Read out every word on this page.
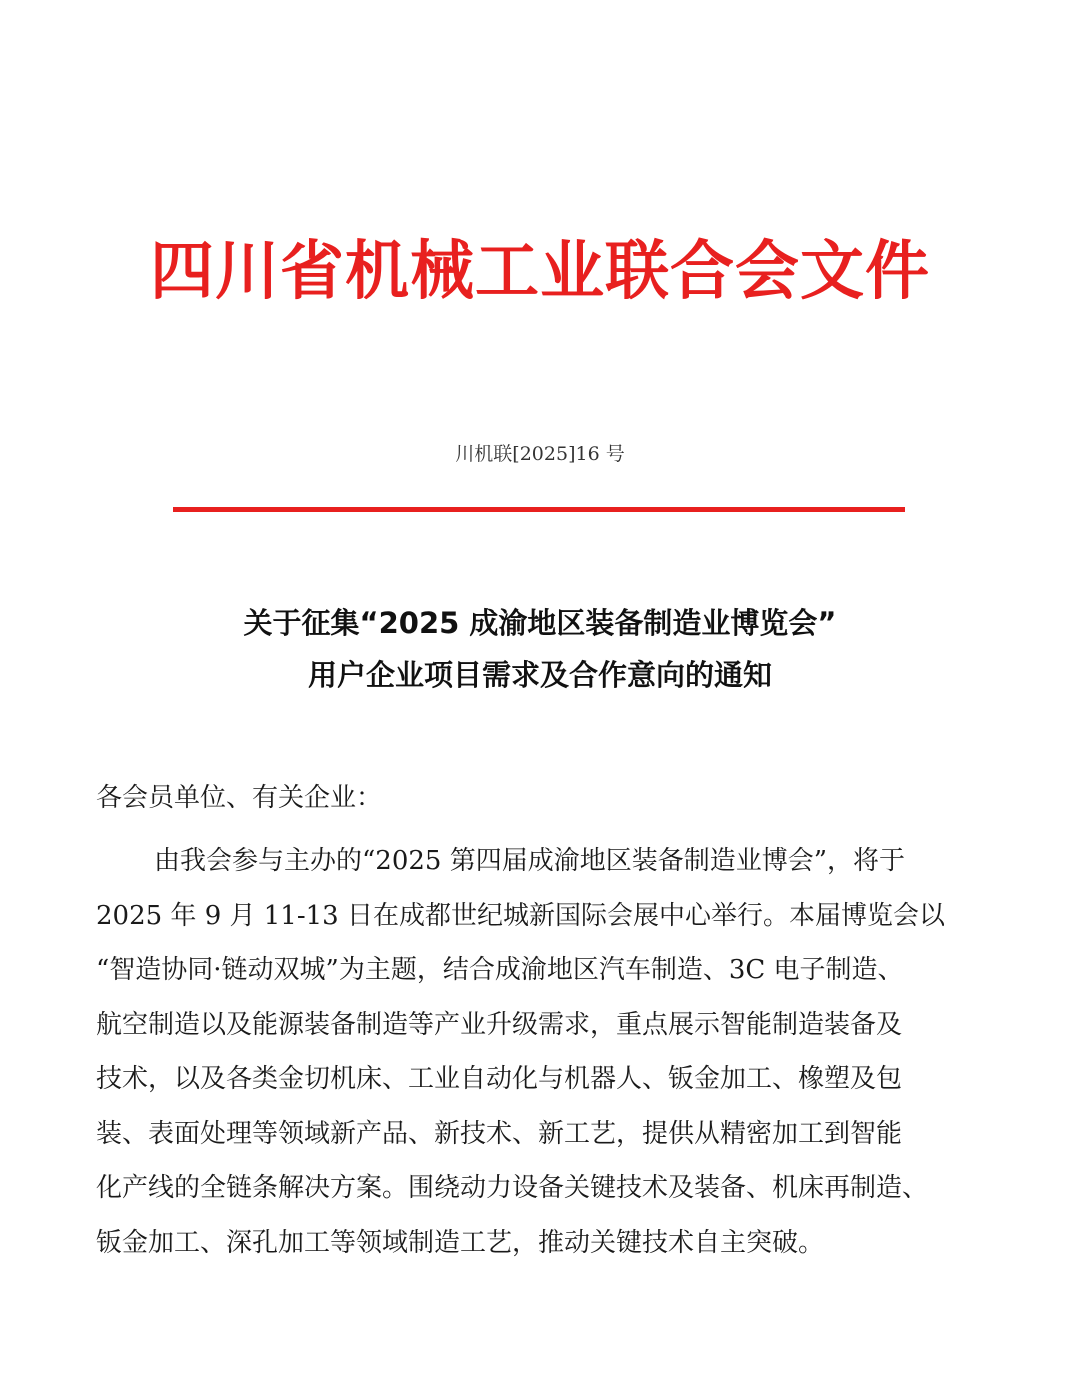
四川省机械工业联合会文件
川机联[2025]16 号
关于征集“2025 成渝地区装备制造业博览会”
用户企业项目需求及合作意向的通知
各会员单位、有关企业：
由我会参与主办的“2025 第四届成渝地区装备制造业博会”，将于
2025 年 9 月 11-13 日在成都世纪城新国际会展中心举行。本届博览会以
“智造协同·链动双城”为主题，结合成渝地区汽车制造、3C 电子制造、
航空制造以及能源装备制造等产业升级需求，重点展示智能制造装备及
技术，以及各类金切机床、工业自动化与机器人、钣金加工、橡塑及包
装、表面处理等领域新产品、新技术、新工艺，提供从精密加工到智能
化产线的全链条解决方案。围绕动力设备关键技术及装备、机床再制造、
钣金加工、深孔加工等领域制造工艺，推动关键技术自主突破。
